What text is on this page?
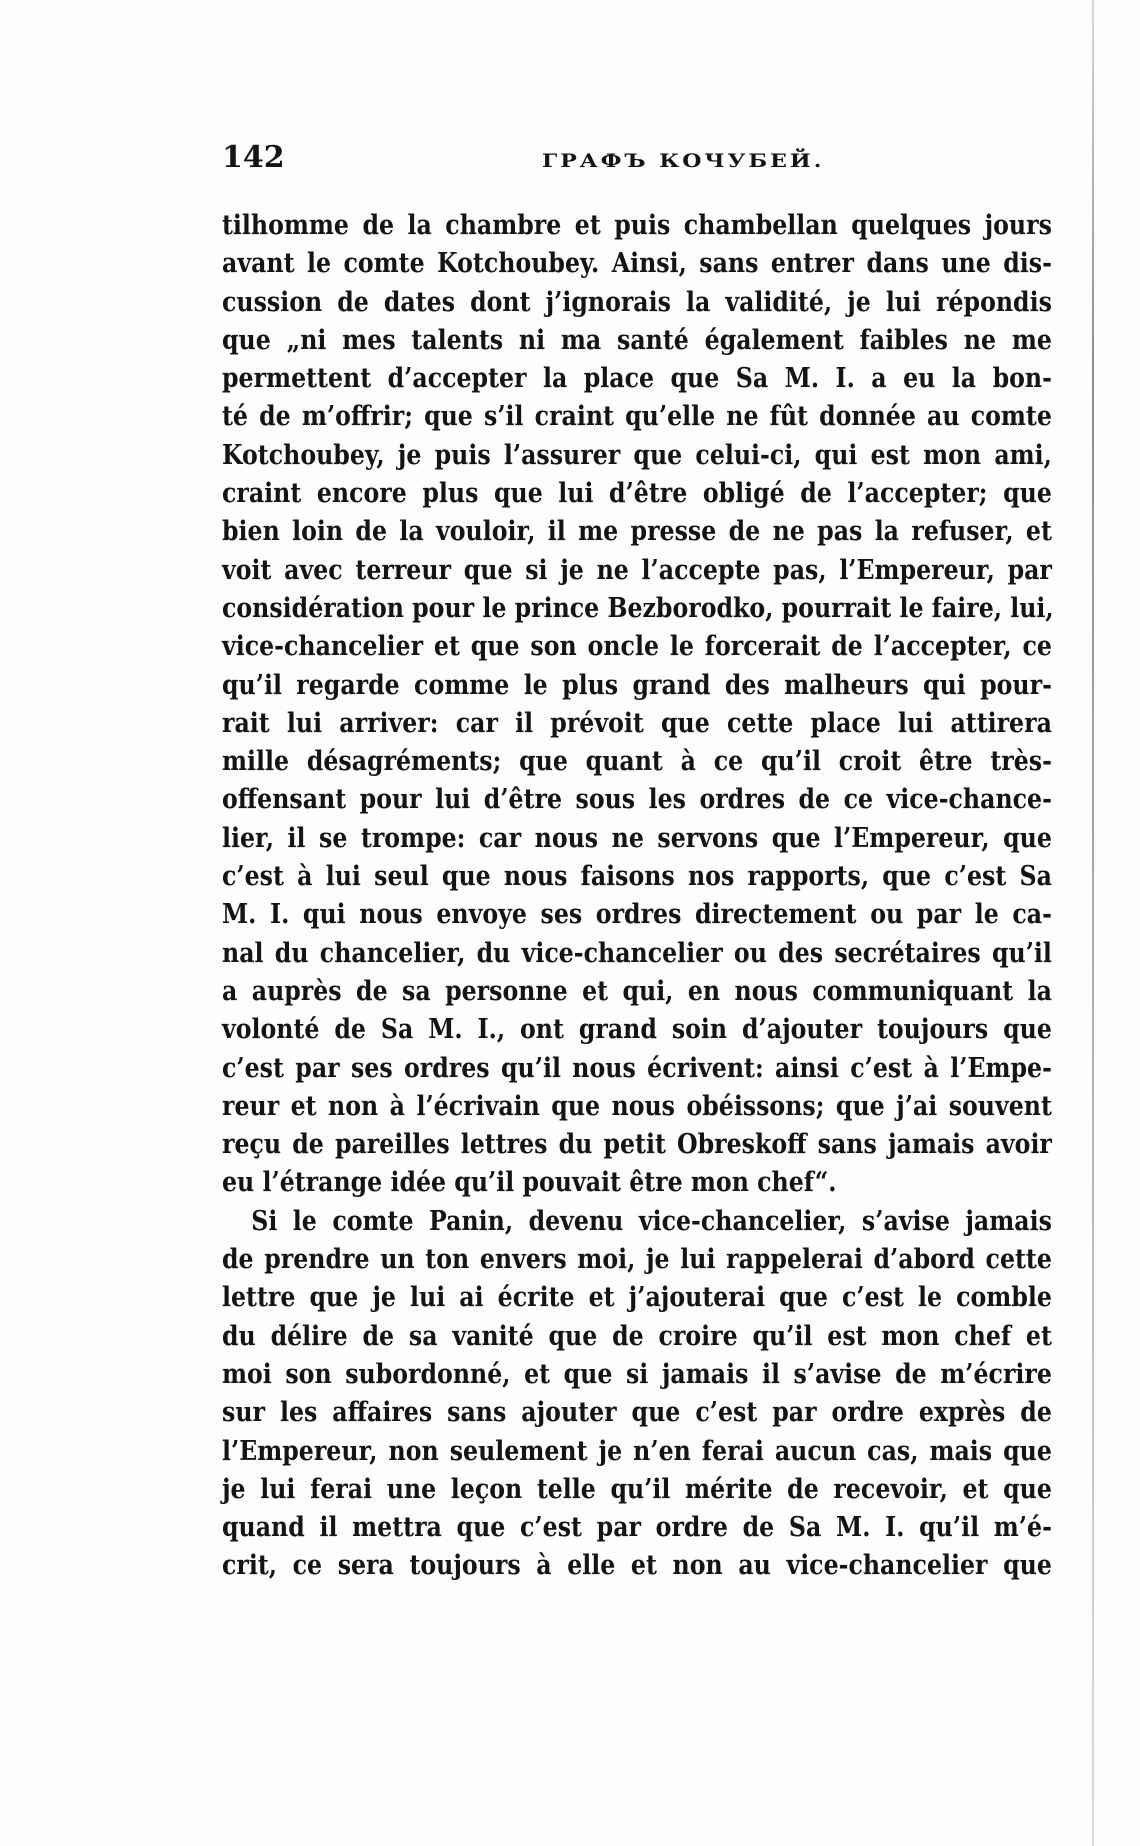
142	ГРАФЪ КОЧУБЕЙ.
tilhomme de la chambre et puis chambellan quelques jours
avant le comte Kotchoubey. Ainsi, sans entrer dans une dis-
cussion de dates dont j’ignorais la validité, je lui répondis
que „ni mes talents ni ma santé également faibles ne me
permettent d’accepter la place que Sa M. I. a eu la bon-
té de m’offrir; que s’il craint qu’elle ne fût donnée au comte
Kotchoubey, je puis l’assurer que celui-ci, qui est mon ami,
craint encore plus que lui d’être obligé de l’accepter; que
bien loin de la vouloir, il me presse de ne pas la refuser, et
voit avec terreur que si je ne l’accepte pas, l’Empereur, par
considération pour le prince Bezborodko, pourrait le faire, lui,
vice-chancelier et que son oncle le forcerait de l’accepter, ce
qu’il regarde comme le plus grand des malheurs qui pour-
rait lui arriver: car il prévoit que cette place lui attirera
mille désagréments; que quant à ce qu’il croit être très-
offensant pour lui d’être sous les ordres de ce vice-chance-
lier, il se trompe: car nous ne servons que l’Empereur, que
c’est à lui seul que nous faisons nos rapports, que c’est Sa
M. I. qui nous envoye ses ordres directement ou par le ca-
nal du chancelier, du vice-chancelier ou des secrétaires qu’il
a auprès de sa personne et qui, en nous communiquant la
volonté de Sa M. I., ont grand soin d’ajouter toujours que
c’est par ses ordres qu’il nous écrivent: ainsi c’est à l’Empe-
reur et non à l’écrivain que nous obéissons; que j’ai souvent
reçu de pareilles lettres du petit Obreskoff sans jamais avoir
eu l’étrange idée qu’il pouvait être mon chef“.
Si le comte Panin, devenu vice-chancelier, s’avise jamais
de prendre un ton envers moi, je lui rappelerai d’abord cette
lettre que je lui ai écrite et j’ajouterai que c’est le comble
du délire de sa vanité que de croire qu’il est mon chef et
moi son subordonné, et que si jamais il s’avise de m’écrire
sur les affaires sans ajouter que c’est par ordre exprès de
l’Empereur, non seulement je n’en ferai aucun cas, mais que
je lui ferai une leçon telle qu’il mérite de recevoir, et que
quand il mettra que c’est par ordre de Sa M. I. qu’il m’é-
crit, ce sera toujours à elle et non au vice-chancelier que
